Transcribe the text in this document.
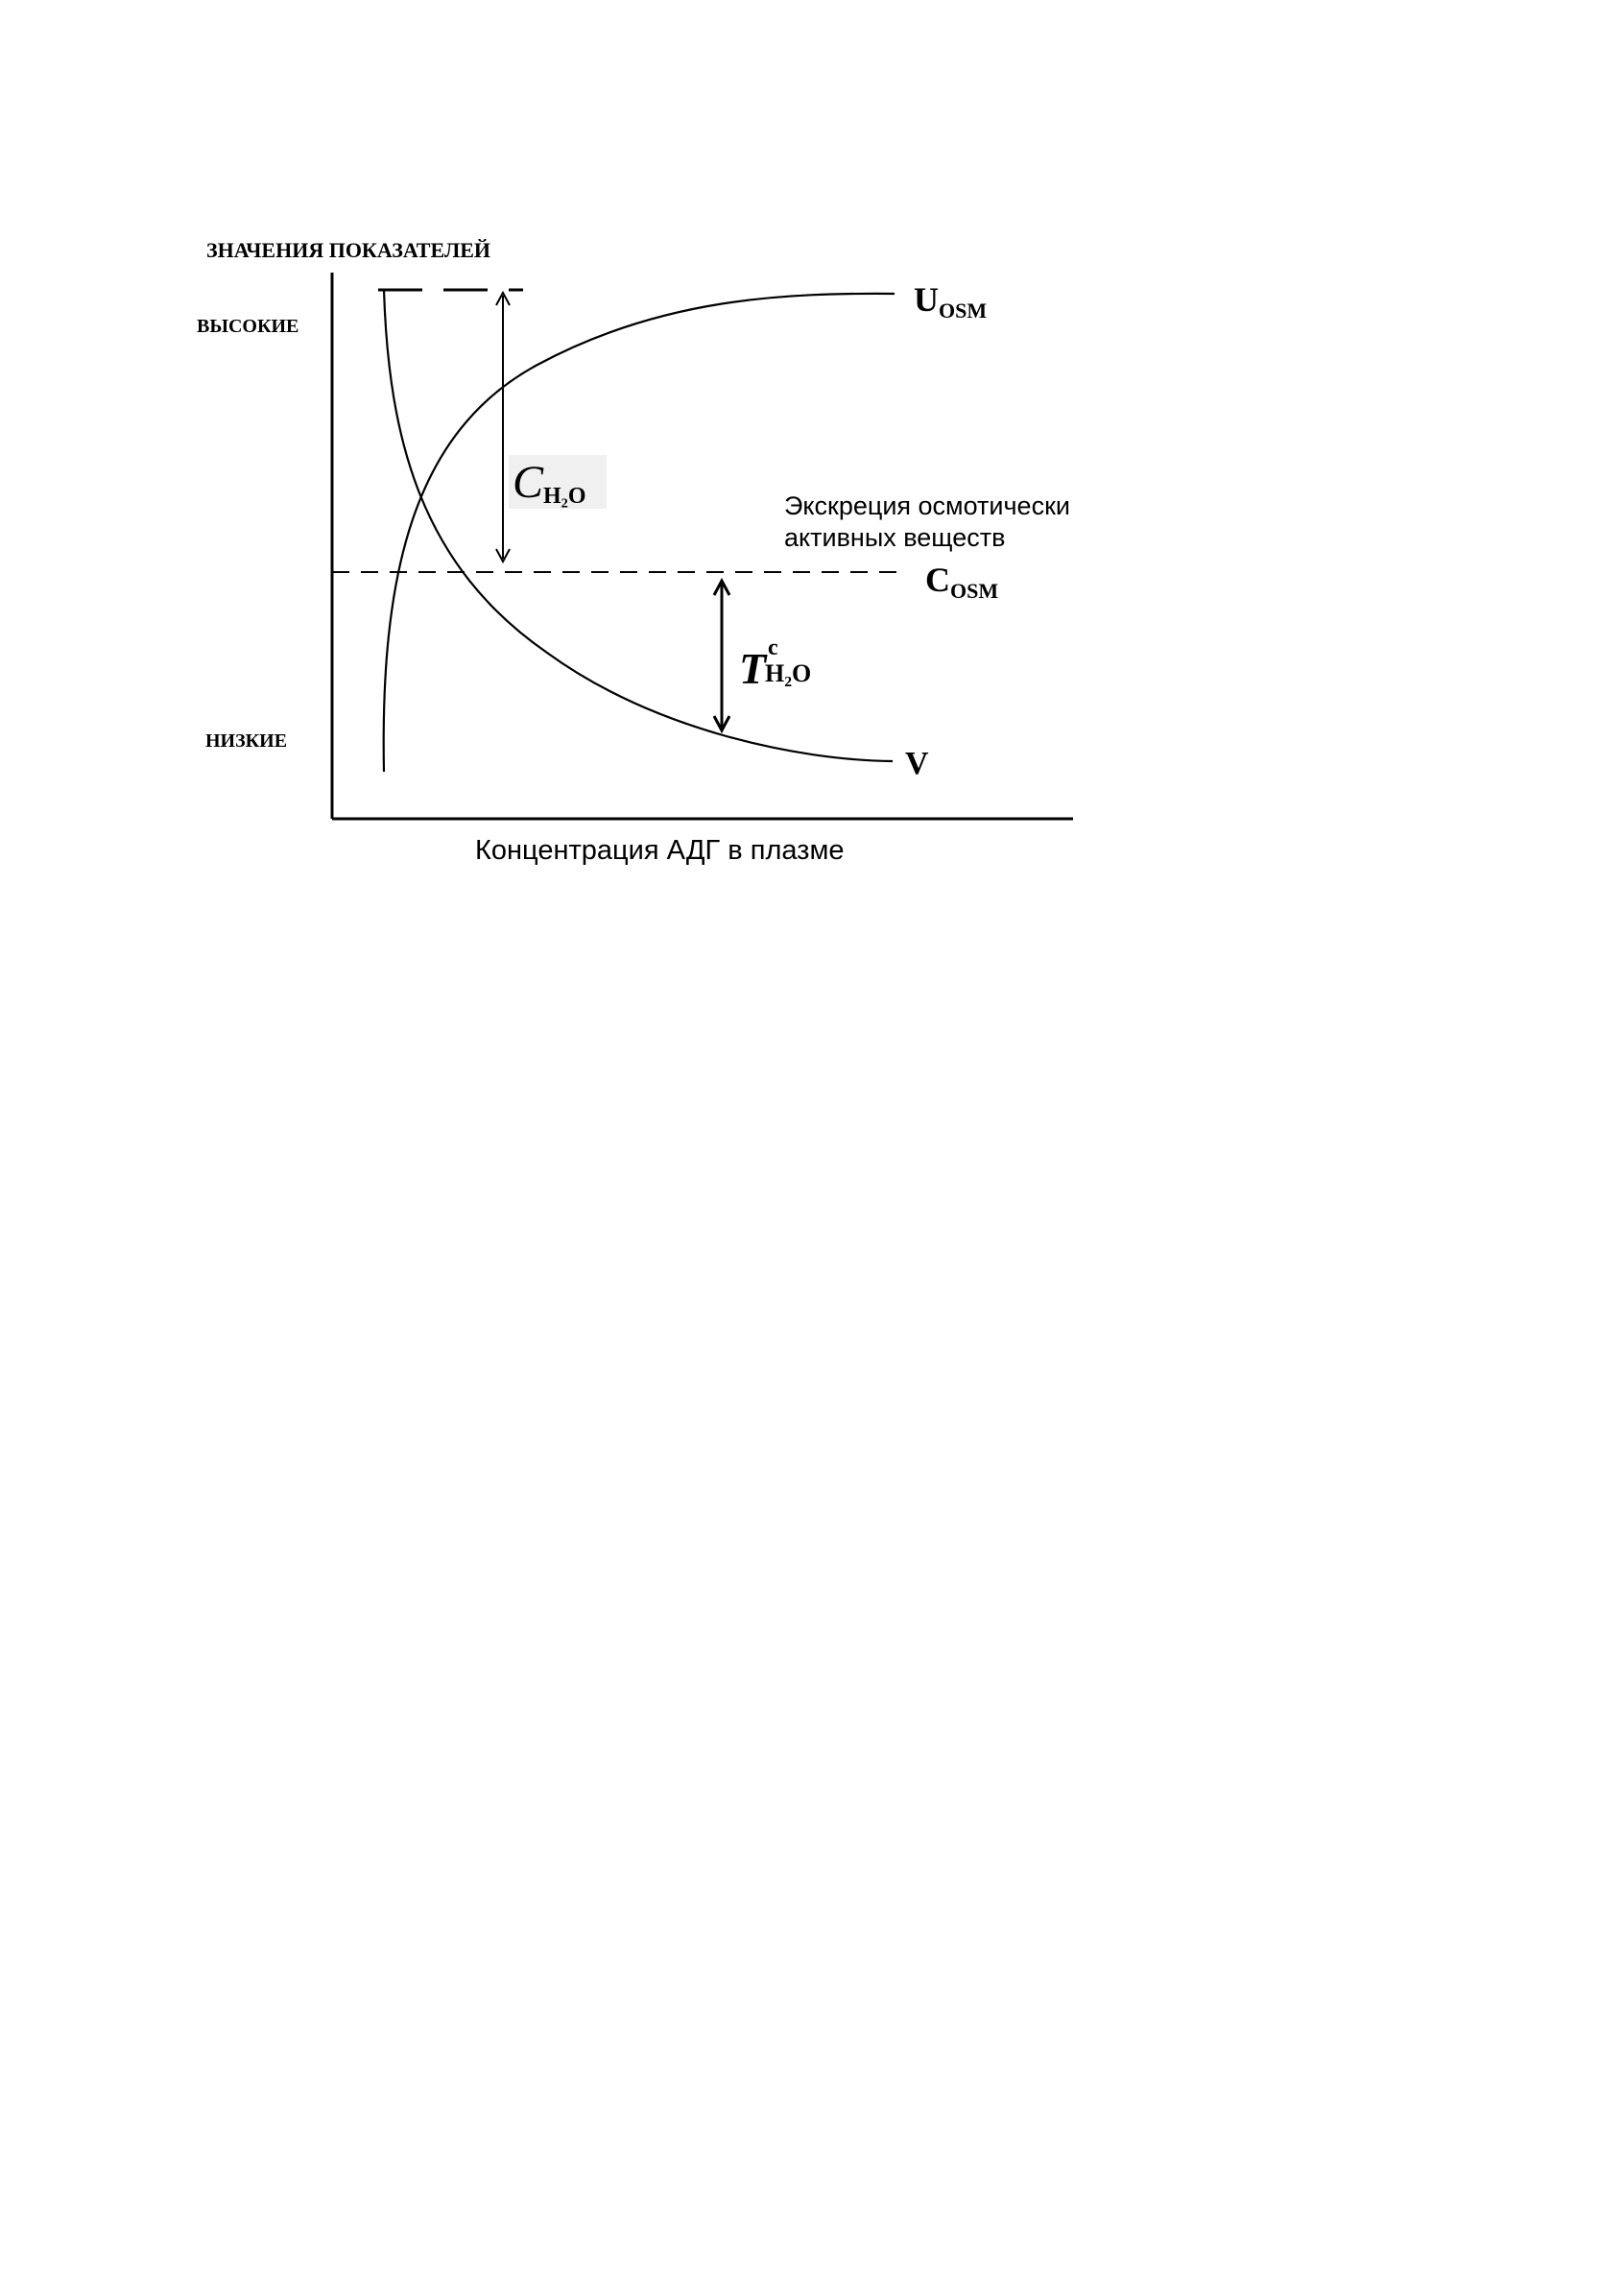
ЗНАЧЕНИЯ ПОКАЗАТЕЛЕЙ
ВЫСОКИЕ
НИЗКИЕ
Концентрация АДГ в плазме
CH₂O
T c
H₂O
Экскреция осмотически
активных веществ
UOSM
COSM
V
